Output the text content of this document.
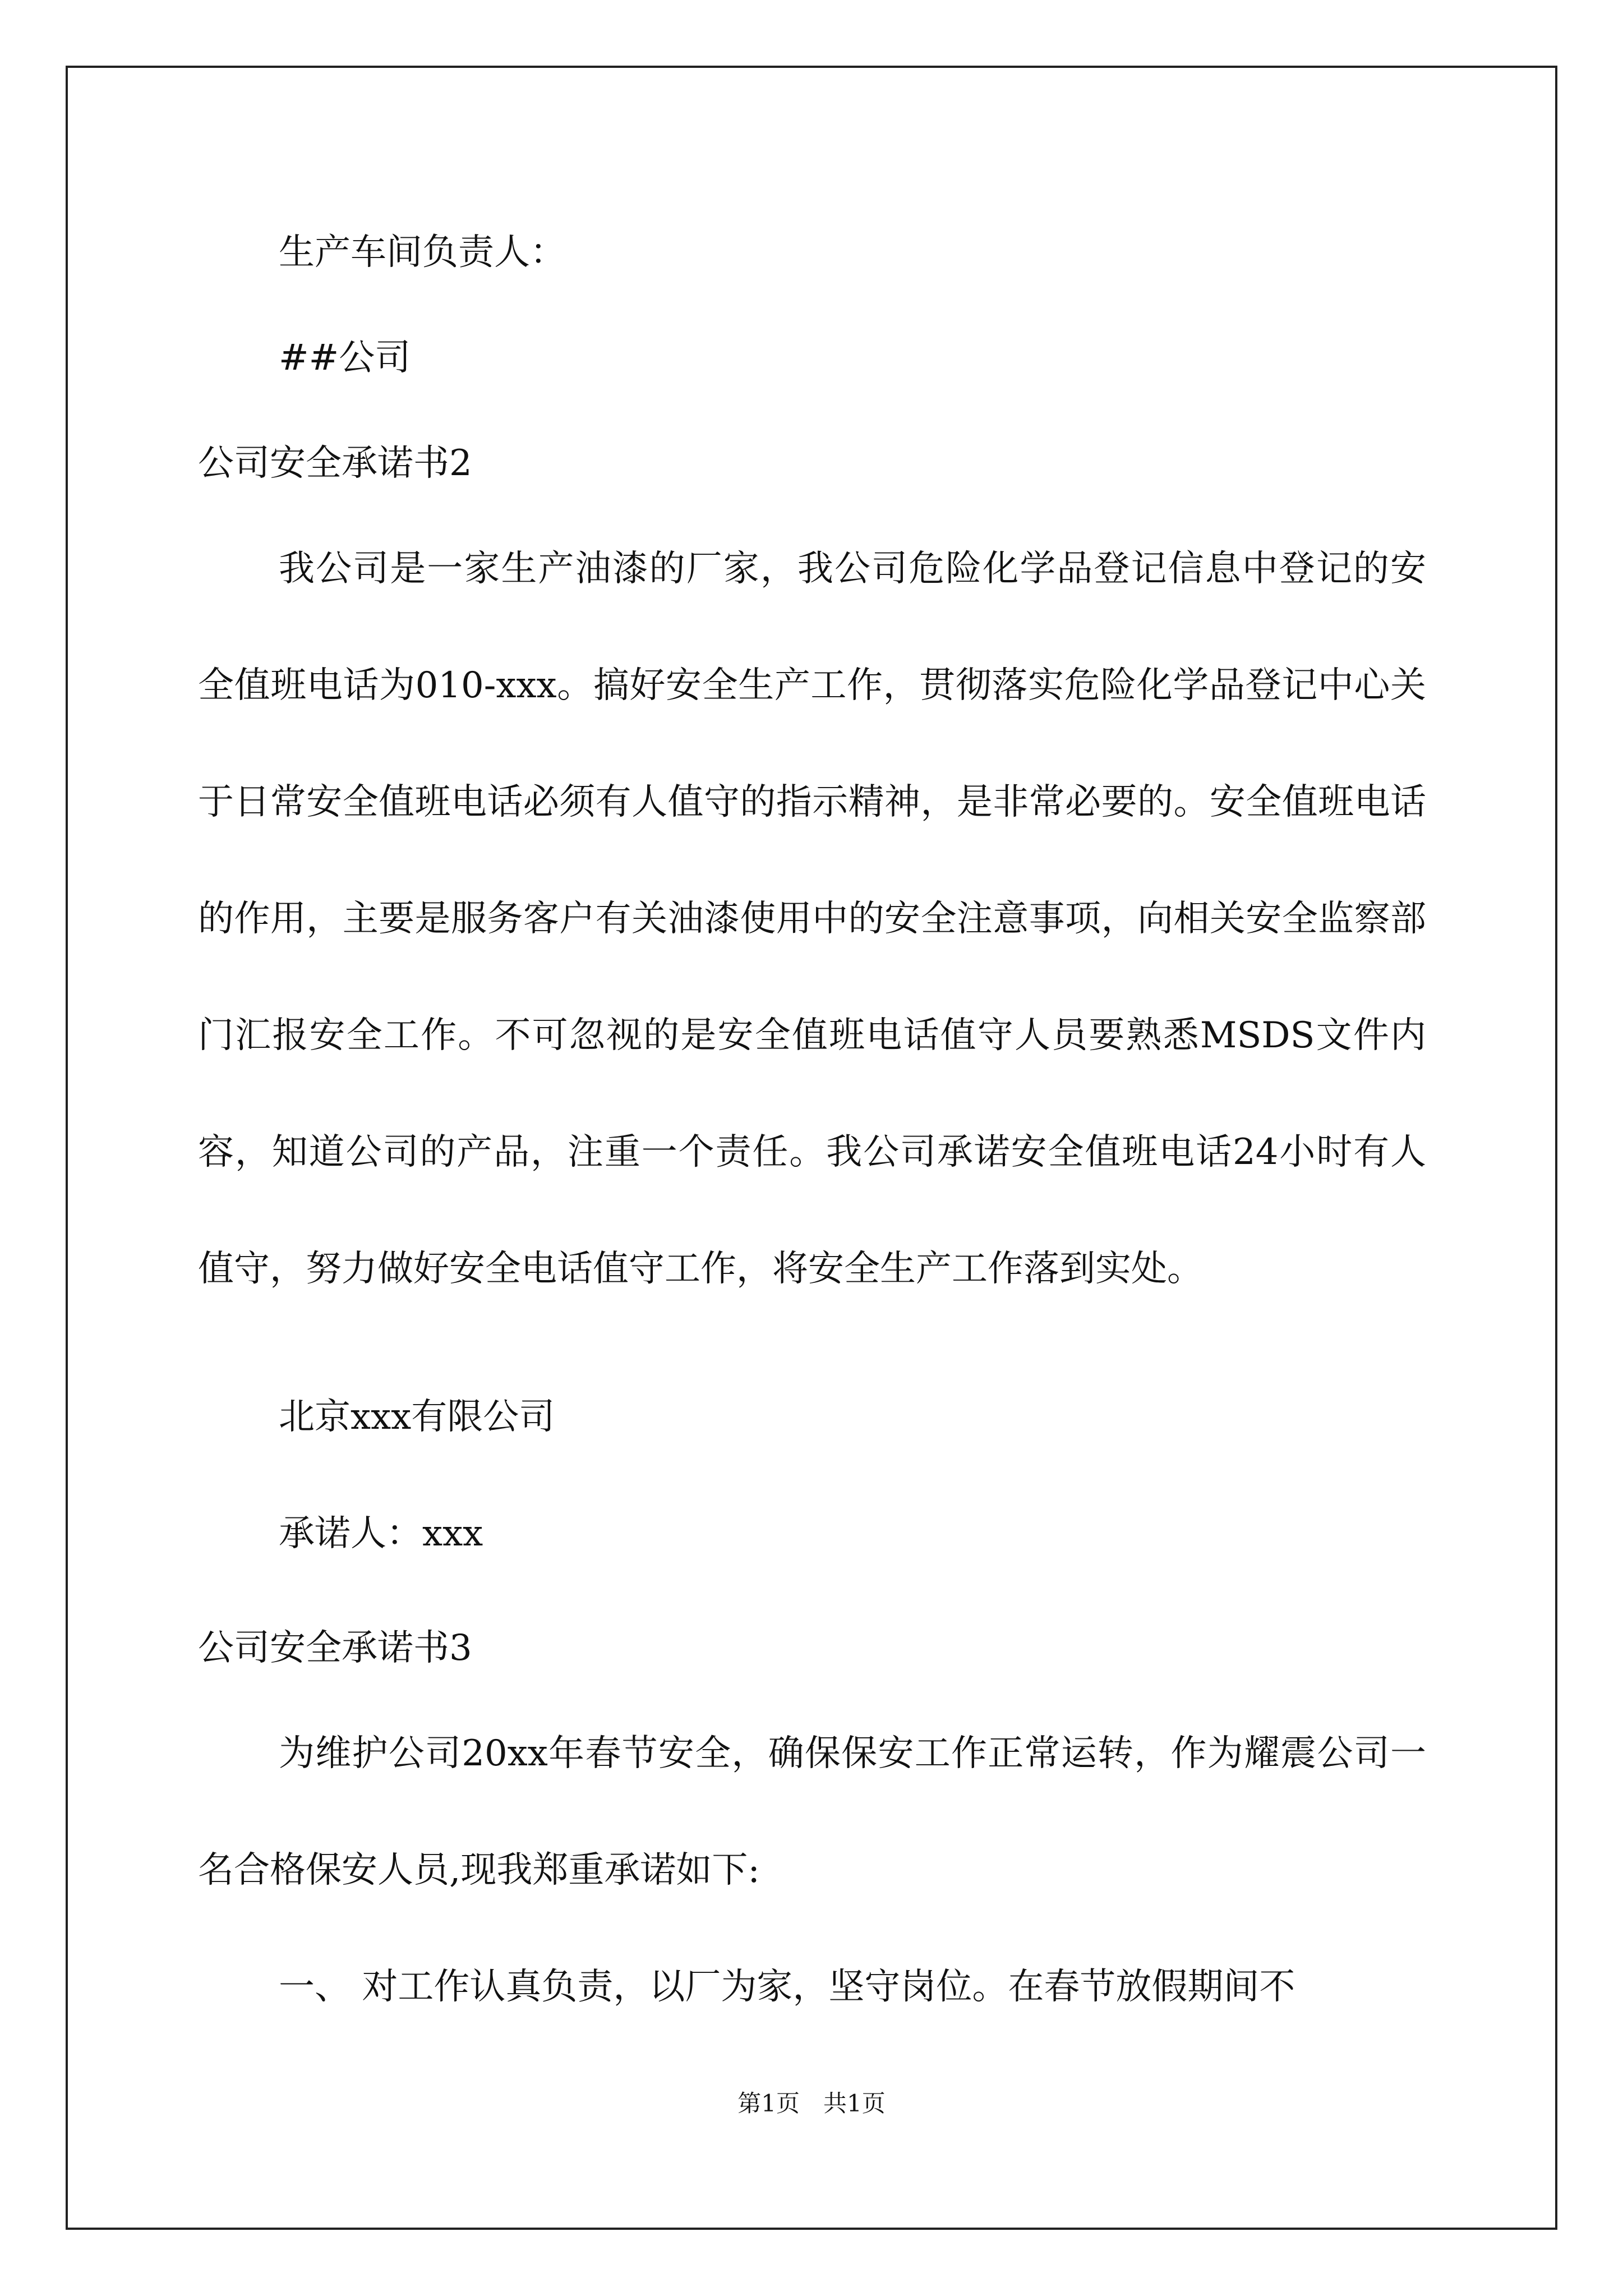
生产车间负责人：
##公司
公司安全承诺书2
我公司是一家生产油漆的厂家，我公司危险化学品登记信息中登记的安全值班电话为010-xxx。搞好安全生产工作，贯彻落实危险化学品登记中心关于日常安全值班电话必须有人值守的指示精神，是非常必要的。安全值班电话的作用，主要是服务客户有关油漆使用中的安全注意事项，向相关安全监察部门汇报安全工作。不可忽视的是安全值班电话值守人员要熟悉MSDS文件内容，知道公司的产品，注重一个责任。我公司承诺安全值班电话24小时有人值守，努力做好安全电话值守工作，将安全生产工作落到实处。
北京xxx有限公司
承诺人：xxx
公司安全承诺书3
为维护公司20xx年春节安全，确保保安工作正常运转，作为耀震公司一名合格保安人员,现我郑重承诺如下:
一、 对工作认真负责，以厂为家，坚守岗位。在春节放假期间不
第1页　共1页
